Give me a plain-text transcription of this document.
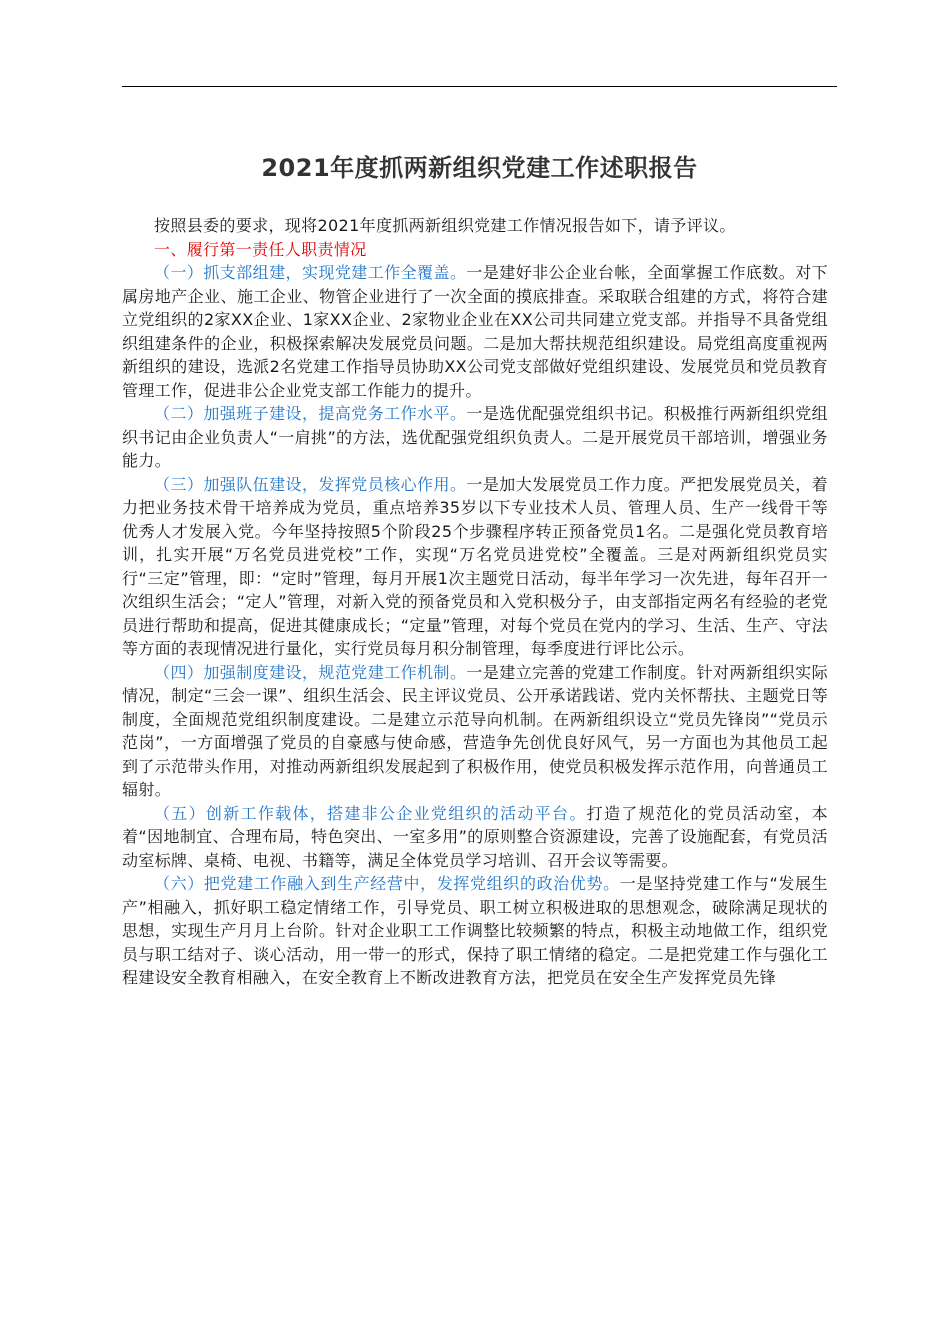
2021年度抓两新组织党建工作述职报告

按照县委的要求，现将2021年度抓两新组织党建工作情况报告如下，请予评议。

一、履行第一责任人职责情况

（一）抓支部组建，实现党建工作全覆盖。一是建好非公企业台帐，全面掌握工作底数。对下属房地产企业、施工企业、物管企业进行了一次全面的摸底排查。采取联合组建的方式，将符合建立党组织的2家XX企业、1家XX企业、2家物业企业在XX公司共同建立党支部。并指导不具备党组织组建条件的企业，积极探索解决发展党员问题。二是加大帮扶规范组织建设。局党组高度重视两新组织的建设，选派2名党建工作指导员协助XX公司党支部做好党组织建设、发展党员和党员教育管理工作，促进非公企业党支部工作能力的提升。

（二）加强班子建设，提高党务工作水平。一是选优配强党组织书记。积极推行两新组织党组织书记由企业负责人“一肩挑”的方法，选优配强党组织负责人。二是开展党员干部培训，增强业务能力。

（三）加强队伍建设，发挥党员核心作用。一是加大发展党员工作力度。严把发展党员关，着力把业务技术骨干培养成为党员，重点培养35岁以下专业技术人员、管理人员、生产一线骨干等优秀人才发展入党。今年坚持按照5个阶段25个步骤程序转正预备党员1名。二是强化党员教育培训，扎实开展“万名党员进党校”工作，实现“万名党员进党校”全覆盖。三是对两新组织党员实行“三定”管理，即：“定时”管理，每月开展1次主题党日活动，每半年学习一次先进，每年召开一次组织生活会；“定人”管理，对新入党的预备党员和入党积极分子，由支部指定两名有经验的老党员进行帮助和提高，促进其健康成长；“定量”管理，对每个党员在党内的学习、生活、生产、守法等方面的表现情况进行量化，实行党员每月积分制管理，每季度进行评比公示。

（四）加强制度建设，规范党建工作机制。一是建立完善的党建工作制度。针对两新组织实际情况，制定“三会一课”、组织生活会、民主评议党员、公开承诺践诺、党内关怀帮扶、主题党日等制度，全面规范党组织制度建设。二是建立示范导向机制。在两新组织设立“党员先锋岗”“党员示范岗”，一方面增强了党员的自豪感与使命感，营造争先创优良好风气，另一方面也为其他员工起到了示范带头作用，对推动两新组织发展起到了积极作用，使党员积极发挥示范作用，向普通员工辐射。

（五）创新工作载体，搭建非公企业党组织的活动平台。打造了规范化的党员活动室，本着“因地制宜、合理布局，特色突出、一室多用”的原则整合资源建设，完善了设施配套，有党员活动室标牌、桌椅、电视、书籍等，满足全体党员学习培训、召开会议等需要。

（六）把党建工作融入到生产经营中，发挥党组织的政治优势。一是坚持党建工作与“发展生产”相融入，抓好职工稳定情绪工作，引导党员、职工树立积极进取的思想观念，破除满足现状的思想，实现生产月月上台阶。针对企业职工工作调整比较频繁的特点，积极主动地做工作，组织党员与职工结对子、谈心活动，用一带一的形式，保持了职工情绪的稳定。二是把党建工作与强化工程建设安全教育相融入，在安全教育上不断改进教育方法，把党员在安全生产发挥党员先锋
